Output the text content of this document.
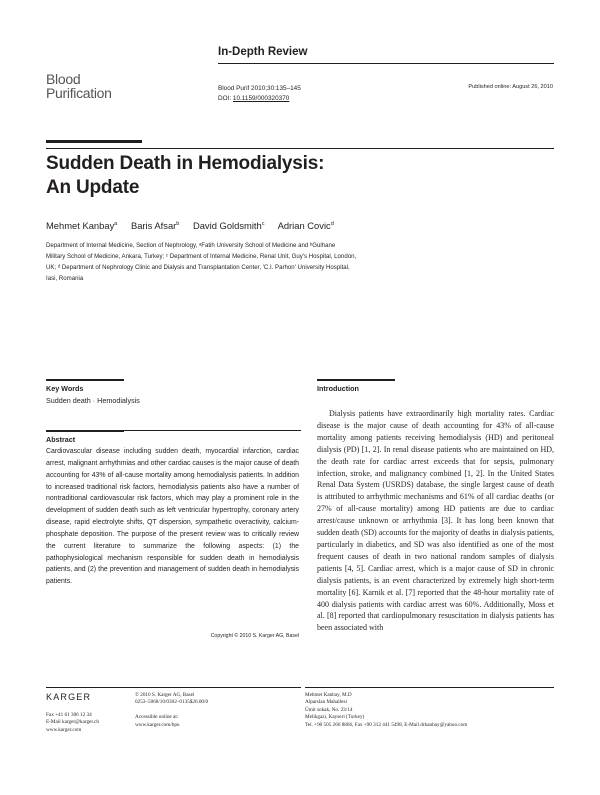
Blood
Purification
In-Depth Review
Blood Purif 2010;30:135–145
DOI: 10.1159/000320370
Published online: August 26, 2010
Sudden Death in Hemodialysis:
An Update
Mehmet Kanbay$^a$ Baris Afsar$^b$ David Goldsmith$^c$ Adrian Covic$^d$
Department of Internal Medicine, Section of Nephrology, ᵃFatih University School of Medicine and ᵇGulhane
Military School of Medicine, Ankara, Turkey; ᶜ Department of Internal Medicine, Renal Unit, Guy's Hospital, London,
UK; ᵈ Department of Nephrology Clinic and Dialysis and Transplantation Center, 'C.I. Parhon' University Hospital,
Iasi, Romania
Key Words
Sudden death · Hemodialysis
Abstract
Cardiovascular disease including sudden death, myocardial infarction, cardiac arrest, malignant arrhythmias and other cardiac causes is the major cause of death accounting for 43% of all-cause mortality among hemodialysis patients. In addition to increased traditional risk factors, hemodialysis patients also have a number of nontraditional cardiovascular risk factors, which may play a prominent role in the development of sudden death such as left ventricular hypertrophy, coronary artery disease, rapid electrolyte shifts, QT dispersion, sympathetic overactivity, calcium-phosphate deposition. The purpose of the present review was to critically review the current literature to summarize the following aspects: (1) the pathophysiological mechanism responsible for sudden death in hemodialysis patients, and (2) the prevention and management of sudden death in hemodialysis patients.
Copyright © 2010 S. Karger AG, Basel
Introduction
Dialysis patients have extraordinarily high mortality rates. Cardiac disease is the major cause of death accounting for 43% of all-cause mortality among patients receiving hemodialysis (HD) and peritoneal dialysis (PD) [1, 2]. In renal disease patients who are maintained on HD, the death rate for cardiac arrest exceeds that for sepsis, pulmonary infection, stroke, and malignancy combined [1, 2]. In the United States Renal Data System (USRDS) database, the single largest cause of death is attributed to arrhythmic mechanisms and 61% of all cardiac deaths (or 27% of all-cause mortality) among HD patients are due to cardiac arrest/cause unknown or arrhythmia [3]. It has long been known that sudden death (SD) accounts for the majority of deaths in dialysis patients, particularly in diabetics, and SD was also identified as one of the most frequent causes of death in two national random samples of dialysis patients [4, 5]. Cardiac arrest, which is a major cause of SD in chronic dialysis patients, is an event characterized by extremely high short-term mortality [6]. Karnik et al. [7] reported that the 48-hour mortality rate of 400 dialysis patients with cardiac arrest was 60%. Additionally, Moss et al. [8] reported that cardiopulmonary resuscitation in dialysis patients has been associated with
KARGER
Fax +41 61 306 12 34
E-Mail karger@karger.ch
www.karger.com
© 2010 S. Karger AG, Basel
0253–5068/10/0302–0135$26.00/0

Accessible online at:
www.karger.com/bpu
Mehmet Kanbay, M.D
Alparslan Mahallesi
Ümit sokak, No. 23/14
Melikgazi, Kayseri (Turkey)
Tel. +90 505 266 8866, Fax +90 312 441 5498, E-Mail drkanbay@yahoo.com
